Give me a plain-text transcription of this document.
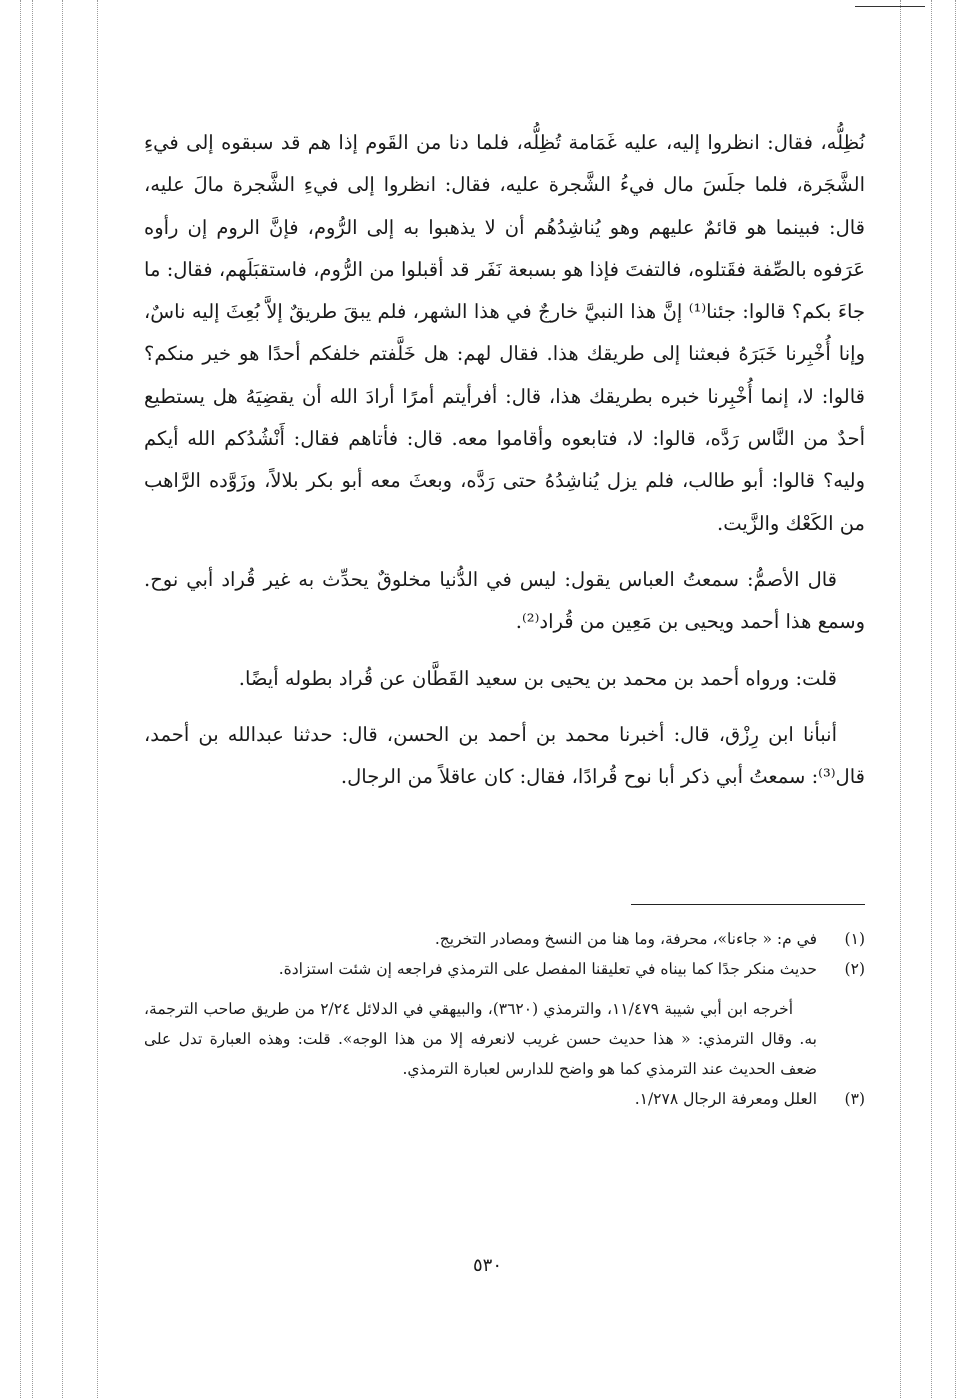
نُظِلُّه، فقال: انظروا إليه، عليه غَمَامة تُظِلُّه، فلما دنا من القَوم إذا هم قد سبقوه إلى فيءِ الشَّجَرة، فلما جلَسَ مال فيءُ الشَّجرة عليه، فقال: انظروا إلى فيءِ الشَّجرة مالَ عليه، قال: فبينما هو قائمٌ عليهم وهو يُناشِدُهُم أن لا يذهبوا به إلى الرُّوم، فإنَّ الروم إن رأوه عَرَفوه بالصِّفة فقَتلوه، فالتفتَ فإذا هو بسبعة نَفَر قد أقبلوا من الرُّوم، فاستقبَلَهم، فقال: ما جاءَ بكم؟ قالوا: جئنا⁽¹⁾ إنَّ هذا النبيَّ خارجٌ في هذا الشهر، فلم يبقَ طريقٌ إلاَّ بُعِثَ إليه ناسٌ، وإنا أُخْبِرنا خَبَرَهُ فبعثنا إلى طريقك هذا. فقال لهم: هل خَلَّفتم خلفكم أحدًا هو خير منكم؟ قالوا: لا، إنما أُخْبِرنا خبره بطريقك هذا، قال: أفرأيتم أمرًا أرادَ الله أن يقضِيَهُ هل يستطيع أحدٌ من النَّاس رَدَّه، قالوا: لا، فتابعوه وأقاموا معه. قال: فأتاهم فقال: أَنْشُدُكم الله أيكم وليه؟ قالوا: أبو طالب، فلم يزل يُناشِدُهُ حتى رَدَّه، وبعثَ معه أبو بكر بلالاً، وزَوَّده الرَّاهب من الكَعْك والزَّيت.

قال الأصمُّ: سمعتُ العباس يقول: ليس في الدُّنيا مخلوقٌ يحدِّث به غير قُراد أبي نوح. وسمع هذا أحمد ويحيى بن مَعِين من قُراد⁽²⁾.

قلت: ورواه أحمد بن محمد بن يحيى بن سعيد القَطَّان عن قُراد بطوله أيضًا.

أنبأنا ابن رِزْق، قال: أخبرنا محمد بن أحمد بن الحسن، قال: حدثنا عبدالله بن أحمد، قال⁽³⁾: سمعتُ أبي ذكر أبا نوح قُرادًا، فقال: كان عاقلاً من الرجال.

(١)
في م: « جاءنا»، محرفة، وما هنا من النسخ ومصادر التخريج.
(٢)
حديث منكر جدًا كما بيناه في تعليقنا المفصل على الترمذي فراجعه إن شئت استزادة.
أخرجه ابن أبي شيبة ١١/٤٧٩، والترمذي (٣٦٢٠)، والبيهقي في الدلائل ٢/٢٤ من طريق صاحب الترجمة، به. وقال الترمذي: « هذا حديث حسن غريب لانعرفه إلا من هذا الوجه». قلت: وهذه العبارة تدل على ضعف الحديث عند الترمذي كما هو واضح للدارس لعبارة الترمذي.
(٣)
العلل ومعرفة الرجال ١/٢٧٨.
٥٣٠
